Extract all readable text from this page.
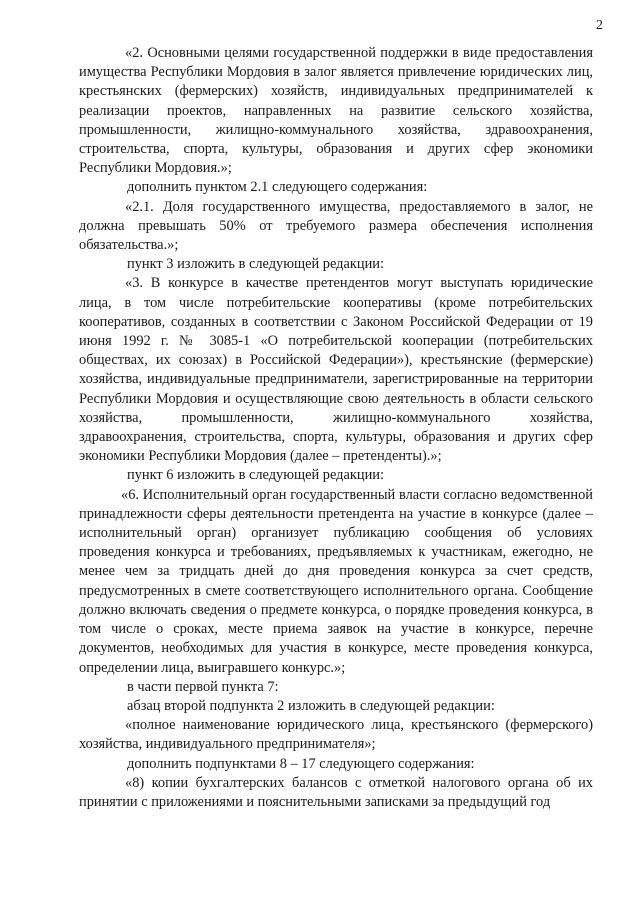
2

«2. Основными целями государственной поддержки в виде предоставления имущества Республики Мордовия в залог является привлечение юридических лиц, крестьянских (фермерских) хозяйств, индивидуальных предпринимателей к реализации проектов, направленных на развитие сельского хозяйства, промышленности, жилищно-коммунального хозяйства, здравоохранения, строительства, спорта, культуры, образования и других сфер экономики Республики Мордовия.»;

дополнить пунктом 2.1 следующего содержания:

«2.1. Доля государственного имущества, предоставляемого в залог, не должна превышать 50% от требуемого размера обеспечения исполнения обязательства.»;

пункт 3 изложить в следующей редакции:

«3. В конкурсе в качестве претендентов могут выступать юридические лица, в том числе потребительские кооперативы (кроме потребительских кооперативов, созданных в соответствии с Законом Российской Федерации от 19 июня 1992 г. № 3085-1 «О потребительской кооперации (потребительских обществах, их союзах) в Российской Федерации»), крестьянские (фермерские) хозяйства, индивидуальные предприниматели, зарегистрированные на территории Республики Мордовия и осуществляющие свою деятельность в области сельского хозяйства, промышленности, жилищно-коммунального хозяйства, здравоохранения, строительства, спорта, культуры, образования и других сфер экономики Республики Мордовия (далее – претенденты).»;

пункт 6 изложить в следующей редакции:

«6. Исполнительный орган государственный власти согласно ведомственной принадлежности сферы деятельности претендента на участие в конкурсе (далее – исполнительный орган) организует публикацию сообщения об условиях проведения конкурса и требованиях, предъявляемых к участникам, ежегодно, не менее чем за тридцать дней до дня проведения конкурса за счет средств, предусмотренных в смете соответствующего исполнительного органа. Сообщение должно включать сведения о предмете конкурса, о порядке проведения конкурса, в том числе о сроках, месте приема заявок на участие в конкурсе, перечне документов, необходимых для участия в конкурсе, месте проведения конкурса, определении лица, выигравшего конкурс.»;

в части первой пункта 7:

абзац второй подпункта 2 изложить в следующей редакции:

«полное наименование юридического лица, крестьянского (фермерского) хозяйства, индивидуального предпринимателя»;

дополнить подпунктами 8 – 17 следующего содержания:

«8) копии бухгалтерских балансов с отметкой налогового органа об их принятии с приложениями и пояснительными записками за предыдущий год
